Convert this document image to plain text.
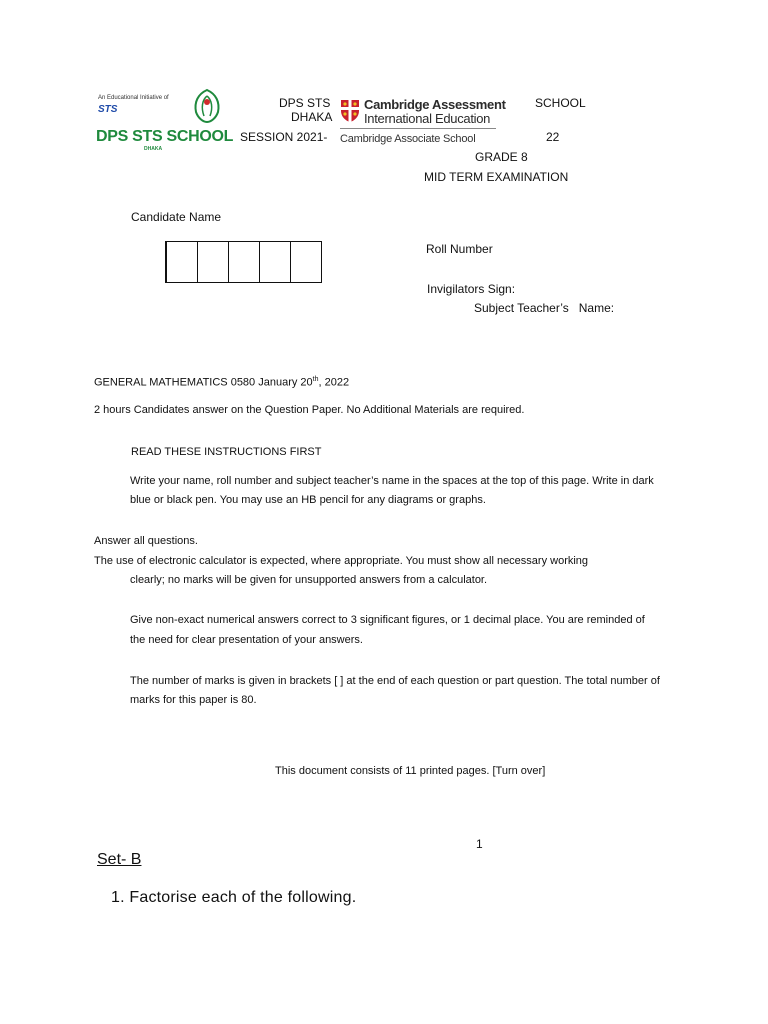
An Educational Initiative of
STS
DPS STS SCHOOL
DHAKA
DPS STS
DHAKA
SCHOOL
SESSION 2021-	22
GRADE 8
MID TERM EXAMINATION
Cambridge Assessment
International Education
Cambridge Associate School
Candidate Name
Roll Number
Invigilators Sign:
Subject Teacher’s   Name:
GENERAL MATHEMATICS 0580 January 20th, 2022
2 hours Candidates answer on the Question Paper. No Additional Materials are required.
READ THESE INSTRUCTIONS FIRST
Write your name, roll number and subject teacher’s name in the spaces at the top of this page. Write in dark
blue or black pen. You may use an HB pencil for any diagrams or graphs.
Answer all questions.
The use of electronic calculator is expected, where appropriate. You must show all necessary working
clearly; no marks will be given for unsupported answers from a calculator.
Give non-exact numerical answers correct to 3 significant figures, or 1 decimal place. You are reminded of
the need for clear presentation of your answers.
The number of marks is given in brackets [ ] at the end of each question or part question. The total number of
marks for this paper is 80.
This document consists of 11 printed pages. [Turn over]
1
Set- B
1. Factorise each of the following.
